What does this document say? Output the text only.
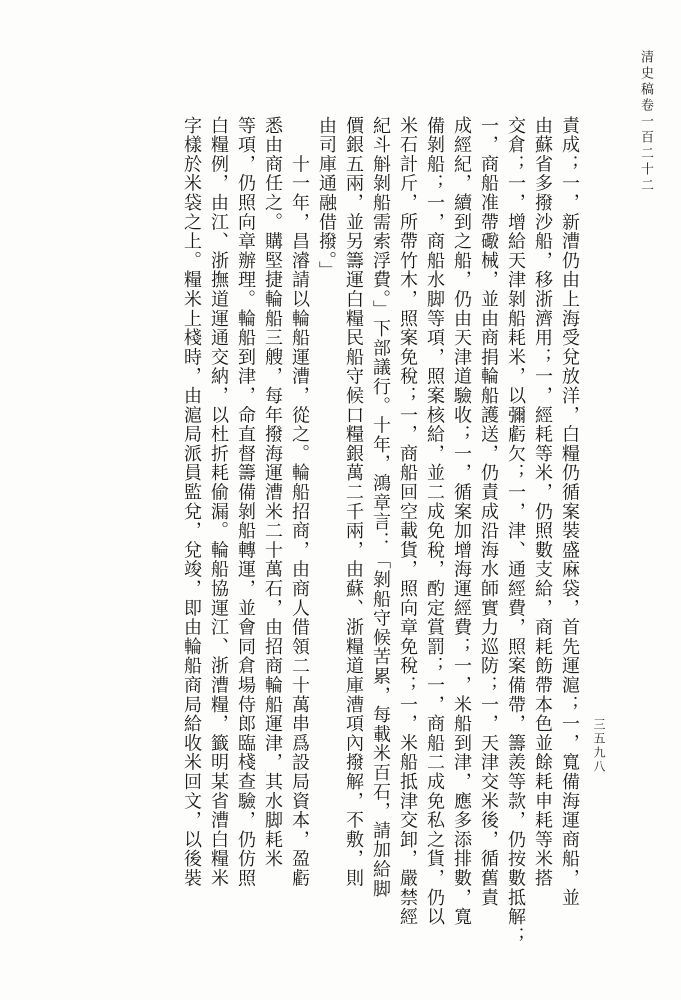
清史稿卷一百二十二
三五九八
責成；一，新漕仍由上海受兌放洋，白糧仍循案裝盛麻袋，首先運滬；一，寬備海運商船，並
由蘇省多撥沙船，移浙濟用；一，經耗等米，仍照數支給，商耗飭帶本色並餘耗申耗等米搭
交倉；一，增給天津剝船耗米，以彌虧欠；一，津、通經費，照案備帶，籌羨等款，仍按數抵解；
一，商船准帶礮械，並由商捐輪船護送，仍責成沿海水師實力巡防；一，天津交米後，循舊責
成經紀，續到之船，仍由天津道驗收；一，循案加增海運經費；一，米船到津，應多添排數，寬
備剝船；一，商船水脚等項，照案核給，並二成免稅，酌定賞罰；一，商船二成免私之貨，仍以
米石計斤，所帶竹木，照案免稅；一，商船回空載貨，照向章免稅；一，米船抵津交卸，嚴禁經
紀斗斛剝船需索浮費。」下部議行。十年，鴻章言：「剝船守候苦累，每載米百石，請加給脚
價銀五兩，並另籌運白糧民船守候口糧銀萬二千兩，由蘇、浙糧道庫漕項內撥解，不敷，則
由司庫通融借撥。」
　　十一年，昌濬請以輪船運漕，從之。輪船招商，由商人借領二十萬串爲設局資本，盈虧
悉由商任之。購堅捷輪船三艘，每年撥海運漕米二十萬石，由招商輪船運津，其水脚耗米
等項，仍照向章辦理。輪船到津，命直督籌備剝船轉運，並會同倉場侍郎臨棧查驗，仍仿照
白糧例，由江、浙撫道運通交納，以杜折耗偷漏。輪船協運江、浙漕糧，籤明某省漕白糧米
字樣於米袋之上。糧米上棧時，由滬局派員監兌，兌竣，即由輪船商局給收米回文，以後裝
